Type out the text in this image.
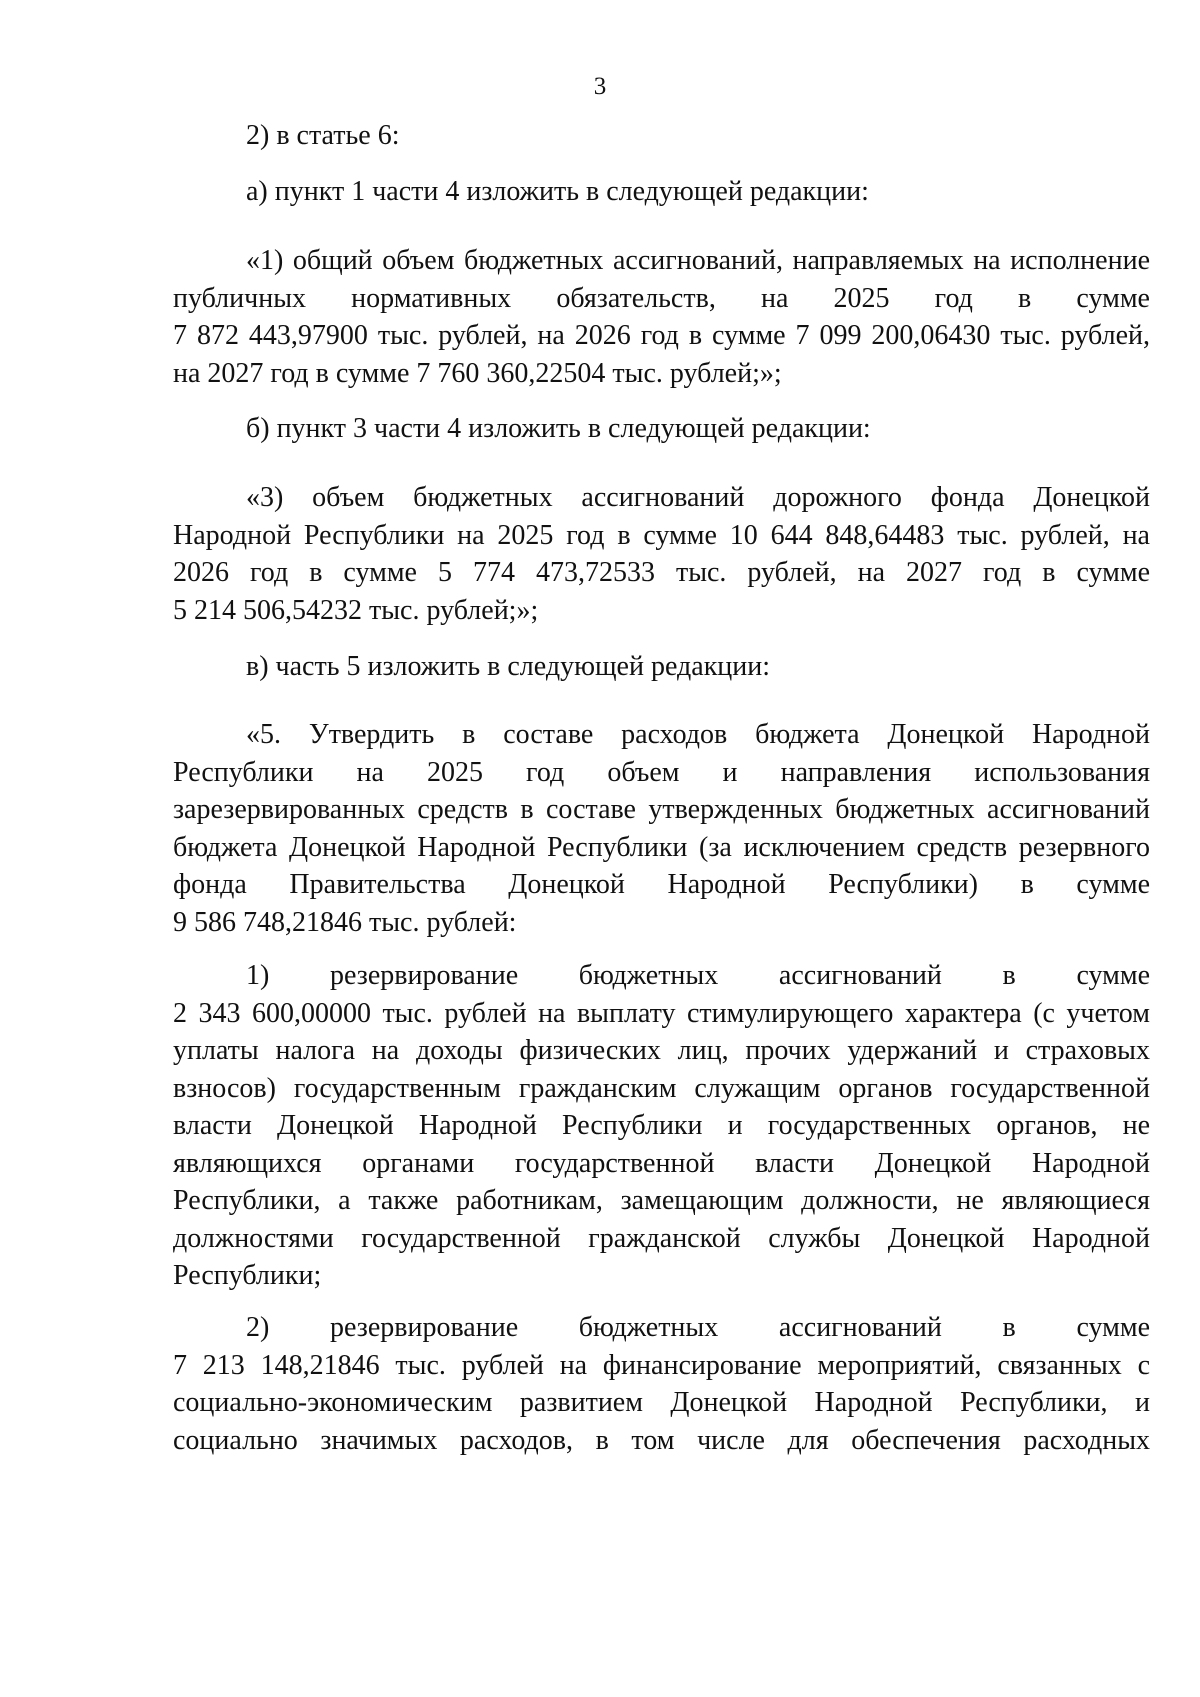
3
2) в статье 6:
а) пункт 1 части 4 изложить в следующей редакции:
«1) общий объем бюджетных ассигнований, направляемых на исполнение
публичных нормативных обязательств, на 2025 год в сумме
7 872 443,97900 тыс. рублей, на 2026 год в сумме 7 099 200,06430 тыс. рублей,
на 2027 год в сумме 7 760 360,22504 тыс. рублей;»;
б) пункт 3 части 4 изложить в следующей редакции:
«3) объем бюджетных ассигнований дорожного фонда Донецкой
Народной Республики на 2025 год в сумме 10 644 848,64483 тыс. рублей, на
2026 год в сумме 5 774 473,72533 тыс. рублей, на 2027 год в сумме
5 214 506,54232 тыс. рублей;»;
в) часть 5 изложить в следующей редакции:
«5. Утвердить в составе расходов бюджета Донецкой Народной
Республики на 2025 год объем и направления использования
зарезервированных средств в составе утвержденных бюджетных ассигнований
бюджета Донецкой Народной Республики (за исключением средств резервного
фонда Правительства Донецкой Народной Республики) в сумме
9 586 748,21846 тыс. рублей:
1) резервирование бюджетных ассигнований в сумме
2 343 600,00000 тыс. рублей на выплату стимулирующего характера (с учетом
уплаты налога на доходы физических лиц, прочих удержаний и страховых
взносов) государственным гражданским служащим органов государственной
власти Донецкой Народной Республики и государственных органов, не
являющихся органами государственной власти Донецкой Народной
Республики, а также работникам, замещающим должности, не являющиеся
должностями государственной гражданской службы Донецкой Народной
Республики;
2) резервирование бюджетных ассигнований в сумме
7 213 148,21846 тыс. рублей на финансирование мероприятий, связанных с
социально-экономическим развитием Донецкой Народной Республики, и
социально значимых расходов, в том числе для обеспечения расходных
